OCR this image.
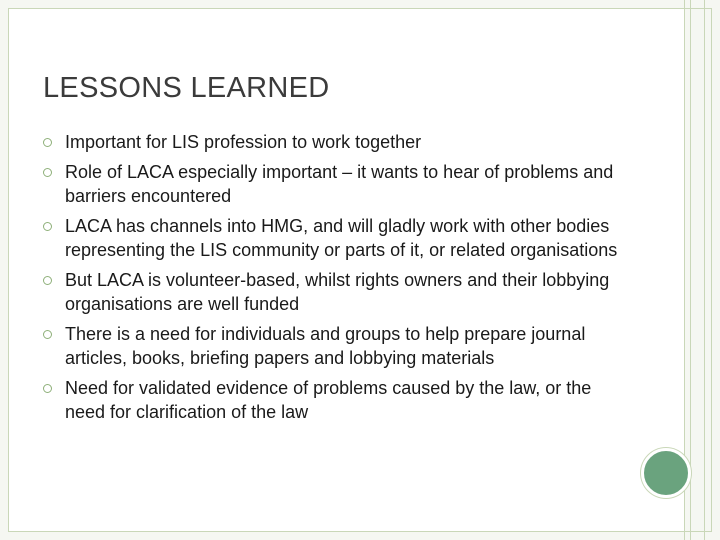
LESSONS LEARNED
Important for LIS profession to work together
Role of LACA especially important – it wants to hear of problems and barriers encountered
LACA has channels into HMG, and will gladly work with other bodies representing the LIS community or parts of it, or related organisations
But LACA is volunteer-based, whilst rights owners and their lobbying organisations are well funded
There is a need for individuals and groups to help prepare journal articles, books, briefing papers and lobbying materials
Need for validated evidence of problems caused by the law, or the need for clarification of the law
